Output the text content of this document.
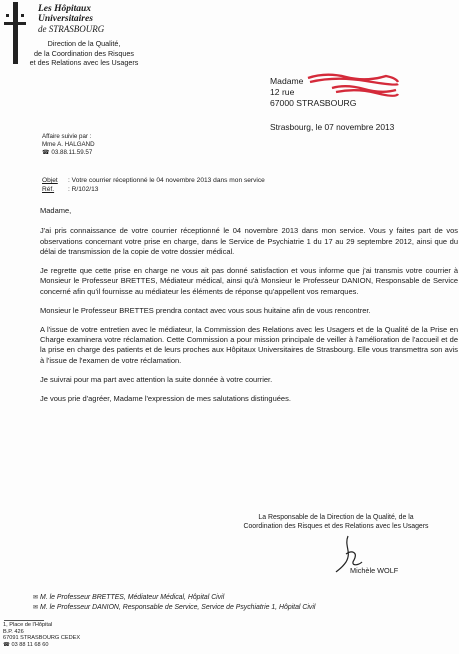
Les Hôpitaux
Universitaires
de STRASBOURG
Direction de la Qualité,
de la Coordination des Risques
et des Relations avec les Usagers
Madame
12 rue
67000 STRASBOURG
Strasbourg, le 07 novembre 2013
Affaire suivie par :
Mme A. HALGAND
☎ 03.88.11.59.57
Objet : Votre courrier réceptionné le 04 novembre 2013 dans mon service
Réf. : R/102/13

Madame,

J'ai pris connaissance de votre courrier réceptionné le 04 novembre 2013 dans mon service. Vous y faites part de vos observations concernant votre prise en charge, dans le Service de Psychiatrie 1 du 17 au 29 septembre 2012, ainsi que du délai de transmission de la copie de votre dossier médical.

Je regrette que cette prise en charge ne vous ait pas donné satisfaction et vous informe que j'ai transmis votre courrier à Monsieur le Professeur BRETTES, Médiateur médical, ainsi qu'à Monsieur le Professeur DANION, Responsable de Service concerné afin qu'il fournisse au médiateur les éléments de réponse qu'appellent vos remarques.

Monsieur le Professeur BRETTES prendra contact avec vous sous huitaine afin de vous rencontrer.

A l'issue de votre entretien avec le médiateur, la Commission des Relations avec les Usagers et de la Qualité de la Prise en Charge examinera votre réclamation. Cette Commission a pour mission principale de veiller à l'amélioration de l'accueil et de la prise en charge des patients et de leurs proches aux Hôpitaux Universitaires de Strasbourg. Elle vous transmettra son avis à l'issue de l'examen de votre réclamation.

Je suivrai pour ma part avec attention la suite donnée à votre courrier.

Je vous prie d'agréer, Madame l'expression de mes salutations distinguées.

La Responsable de la Direction de la Qualité, de la
Coordination des Risques et des Relations avec les Usagers
Michèle WOLF
✉ M. le Professeur BRETTES, Médiateur Médical, Hôpital Civil
✉ M. le Professeur DANION, Responsable de Service, Service de Psychiatrie 1, Hôpital Civil
1, Place de l'Hôpital
B.P. 426
67091 STRASBOURG CEDEX
☎ 03 88 11 68 60
